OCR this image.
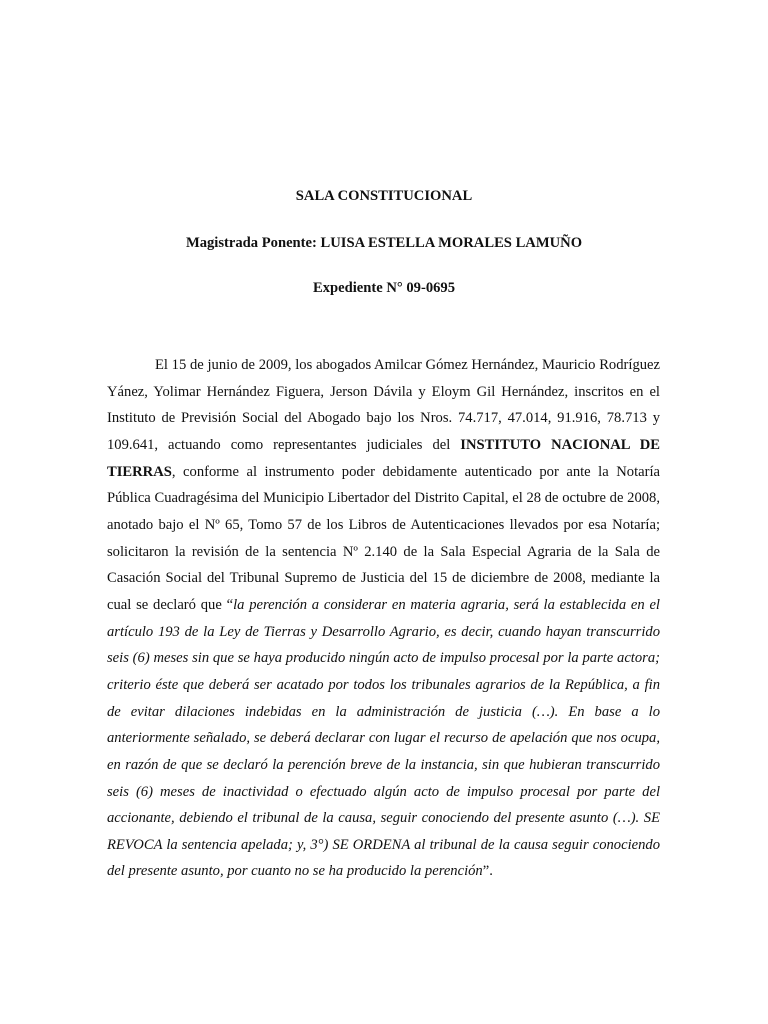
SALA CONSTITUCIONAL
Magistrada Ponente: LUISA ESTELLA MORALES LAMUÑO
Expediente N° 09-0695

El 15 de junio de 2009, los abogados Amilcar Gómez Hernández, Mauricio Rodríguez Yánez, Yolimar Hernández Figuera, Jerson Dávila y Eloym Gil Hernández, inscritos en el Instituto de Previsión Social del Abogado bajo los Nros. 74.717, 47.014, 91.916, 78.713 y 109.641, actuando como representantes judiciales del INSTITUTO NACIONAL DE TIERRAS, conforme al instrumento poder debidamente autenticado por ante la Notaría Pública Cuadragésima del Municipio Libertador del Distrito Capital, el 28 de octubre de 2008, anotado bajo el Nº 65, Tomo 57 de los Libros de Autenticaciones llevados por esa Notaría; solicitaron la revisión de la sentencia Nº 2.140 de la Sala Especial Agraria de la Sala de Casación Social del Tribunal Supremo de Justicia del 15 de diciembre de 2008, mediante la cual se declaró que “la perención a considerar en materia agraria, será la establecida en el artículo 193 de la Ley de Tierras y Desarrollo Agrario, es decir, cuando hayan transcurrido seis (6) meses sin que se haya producido ningún acto de impulso procesal por la parte actora; criterio éste que deberá ser acatado por todos los tribunales agrarios de la República, a fin de evitar dilaciones indebidas en la administración de justicia (…). En base a lo anteriormente señalado, se deberá declarar con lugar el recurso de apelación que nos ocupa, en razón de que se declaró la perención breve de la instancia, sin que hubieran transcurrido seis (6) meses de inactividad o efectuado algún acto de impulso procesal por parte del accionante, debiendo el tribunal de la causa, seguir conociendo del presente asunto (…). SE REVOCA la sentencia apelada; y, 3°) SE ORDENA al tribunal de la causa seguir conociendo del presente asunto, por cuanto no se ha producido la perención”.
